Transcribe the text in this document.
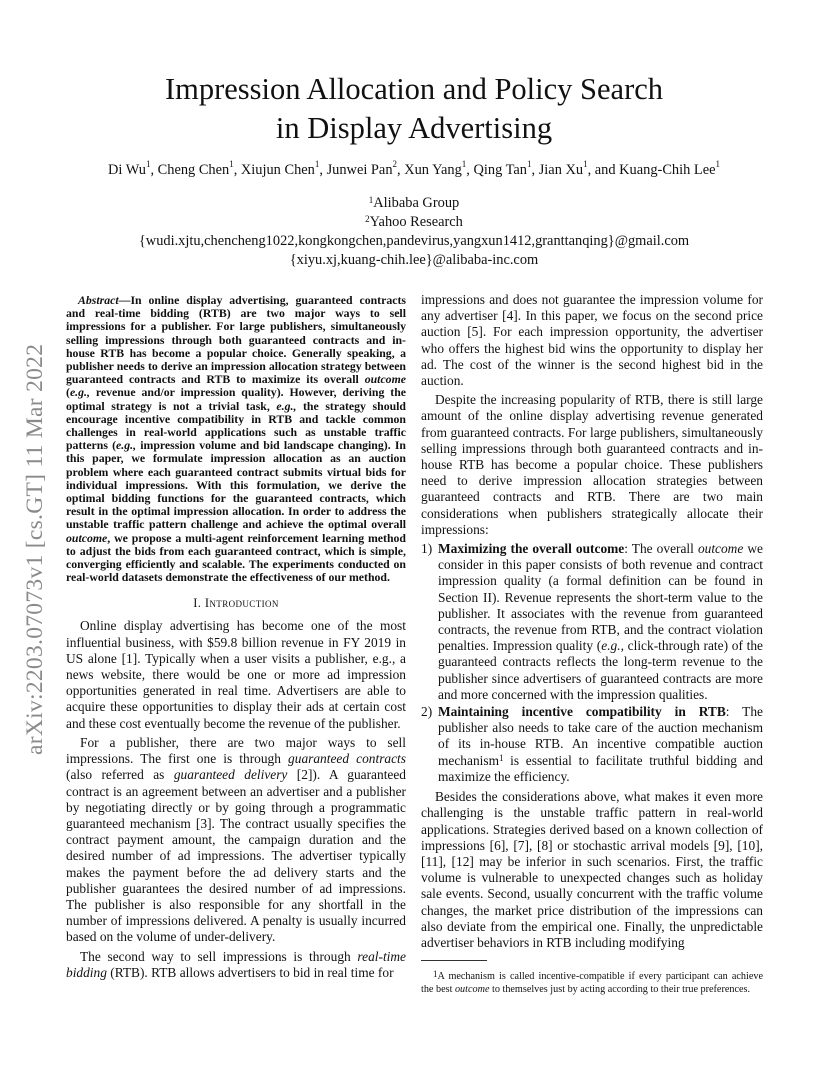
arXiv:2203.07073v1 [cs.GT] 11 Mar 2022
Impression Allocation and Policy Search
in Display Advertising
Di Wu$^1$, Cheng Chen$^1$, Xiujun Chen$^1$, Junwei Pan$^2$, Xun Yang$^1$, Qing Tan$^1$, Jian Xu$^1$, and Kuang-Chih Lee$^1$
$^1$Alibaba Group
$^2$Yahoo Research
{wudi.xjtu,chencheng1022,kongkongchen,pandevirus,yangxun1412,granttanqing}@gmail.com
{xiyu.xj,kuang-chih.lee}@alibaba-inc.com

Abstract—In online display advertising, guaranteed contracts and real-time bidding (RTB) are two major ways to sell impressions for a publisher. For large publishers, simultaneously selling impressions through both guaranteed contracts and in-house RTB has become a popular choice. Generally speaking, a publisher needs to derive an impression allocation strategy between guaranteed contracts and RTB to maximize its overall outcome (e.g., revenue and/or impression quality). However, deriving the optimal strategy is not a trivial task, e.g., the strategy should encourage incentive compatibility in RTB and tackle common challenges in real-world applications such as unstable traffic patterns (e.g., impression volume and bid landscape changing). In this paper, we formulate impression allocation as an auction problem where each guaranteed contract submits virtual bids for individual impressions. With this formulation, we derive the optimal bidding functions for the guaranteed contracts, which result in the optimal impression allocation. In order to address the unstable traffic pattern challenge and achieve the optimal overall outcome, we propose a multi-agent reinforcement learning method to adjust the bids from each guaranteed contract, which is simple, converging efficiently and scalable. The experiments conducted on real-world datasets demonstrate the effectiveness of our method.

I. Introduction

Online display advertising has become one of the most influential business, with $59.8 billion revenue in FY 2019 in US alone [1]. Typically when a user visits a publisher, e.g., a news website, there would be one or more ad impression opportunities generated in real time. Advertisers are able to acquire these opportunities to display their ads at certain cost and these cost eventually become the revenue of the publisher.

For a publisher, there are two major ways to sell impressions. The first one is through guaranteed contracts (also referred as guaranteed delivery [2]). A guaranteed contract is an agreement between an advertiser and a publisher by negotiating directly or by going through a programmatic guaranteed mechanism [3]. The contract usually specifies the contract payment amount, the campaign duration and the desired number of ad impressions. The advertiser typically makes the payment before the ad delivery starts and the publisher guarantees the desired number of ad impressions. The publisher is also responsible for any shortfall in the number of impressions delivered. A penalty is usually incurred based on the volume of under-delivery.

The second way to sell impressions is through real-time bidding (RTB). RTB allows advertisers to bid in real time for

impressions and does not guarantee the impression volume for any advertiser [4]. In this paper, we focus on the second price auction [5]. For each impression opportunity, the advertiser who offers the highest bid wins the opportunity to display her ad. The cost of the winner is the second highest bid in the auction.

Despite the increasing popularity of RTB, there is still large amount of the online display advertising revenue generated from guaranteed contracts. For large publishers, simultaneously selling impressions through both guaranteed contracts and in-house RTB has become a popular choice. These publishers need to derive impression allocation strategies between guaranteed contracts and RTB. There are two main considerations when publishers strategically allocate their impressions:

1) Maximizing the overall outcome: The overall outcome we consider in this paper consists of both revenue and contract impression quality (a formal definition can be found in Section II). Revenue represents the short-term value to the publisher. It associates with the revenue from guaranteed contracts, the revenue from RTB, and the contract violation penalties. Impression quality (e.g., click-through rate) of the guaranteed contracts reflects the long-term revenue to the publisher since advertisers of guaranteed contracts are more and more concerned with the impression qualities.
2) Maintaining incentive compatibility in RTB: The publisher also needs to take care of the auction mechanism of its in-house RTB. An incentive compatible auction mechanism$^1$ is essential to facilitate truthful bidding and maximize the efficiency.

Besides the considerations above, what makes it even more challenging is the unstable traffic pattern in real-world applications. Strategies derived based on a known collection of impressions [6], [7], [8] or stochastic arrival models [9], [10], [11], [12] may be inferior in such scenarios. First, the traffic volume is vulnerable to unexpected changes such as holiday sale events. Second, usually concurrent with the traffic volume changes, the market price distribution of the impressions can also deviate from the empirical one. Finally, the unpredictable advertiser behaviors in RTB including modifying

$^1$A mechanism is called incentive-compatible if every participant can achieve the best outcome to themselves just by acting according to their true preferences.
